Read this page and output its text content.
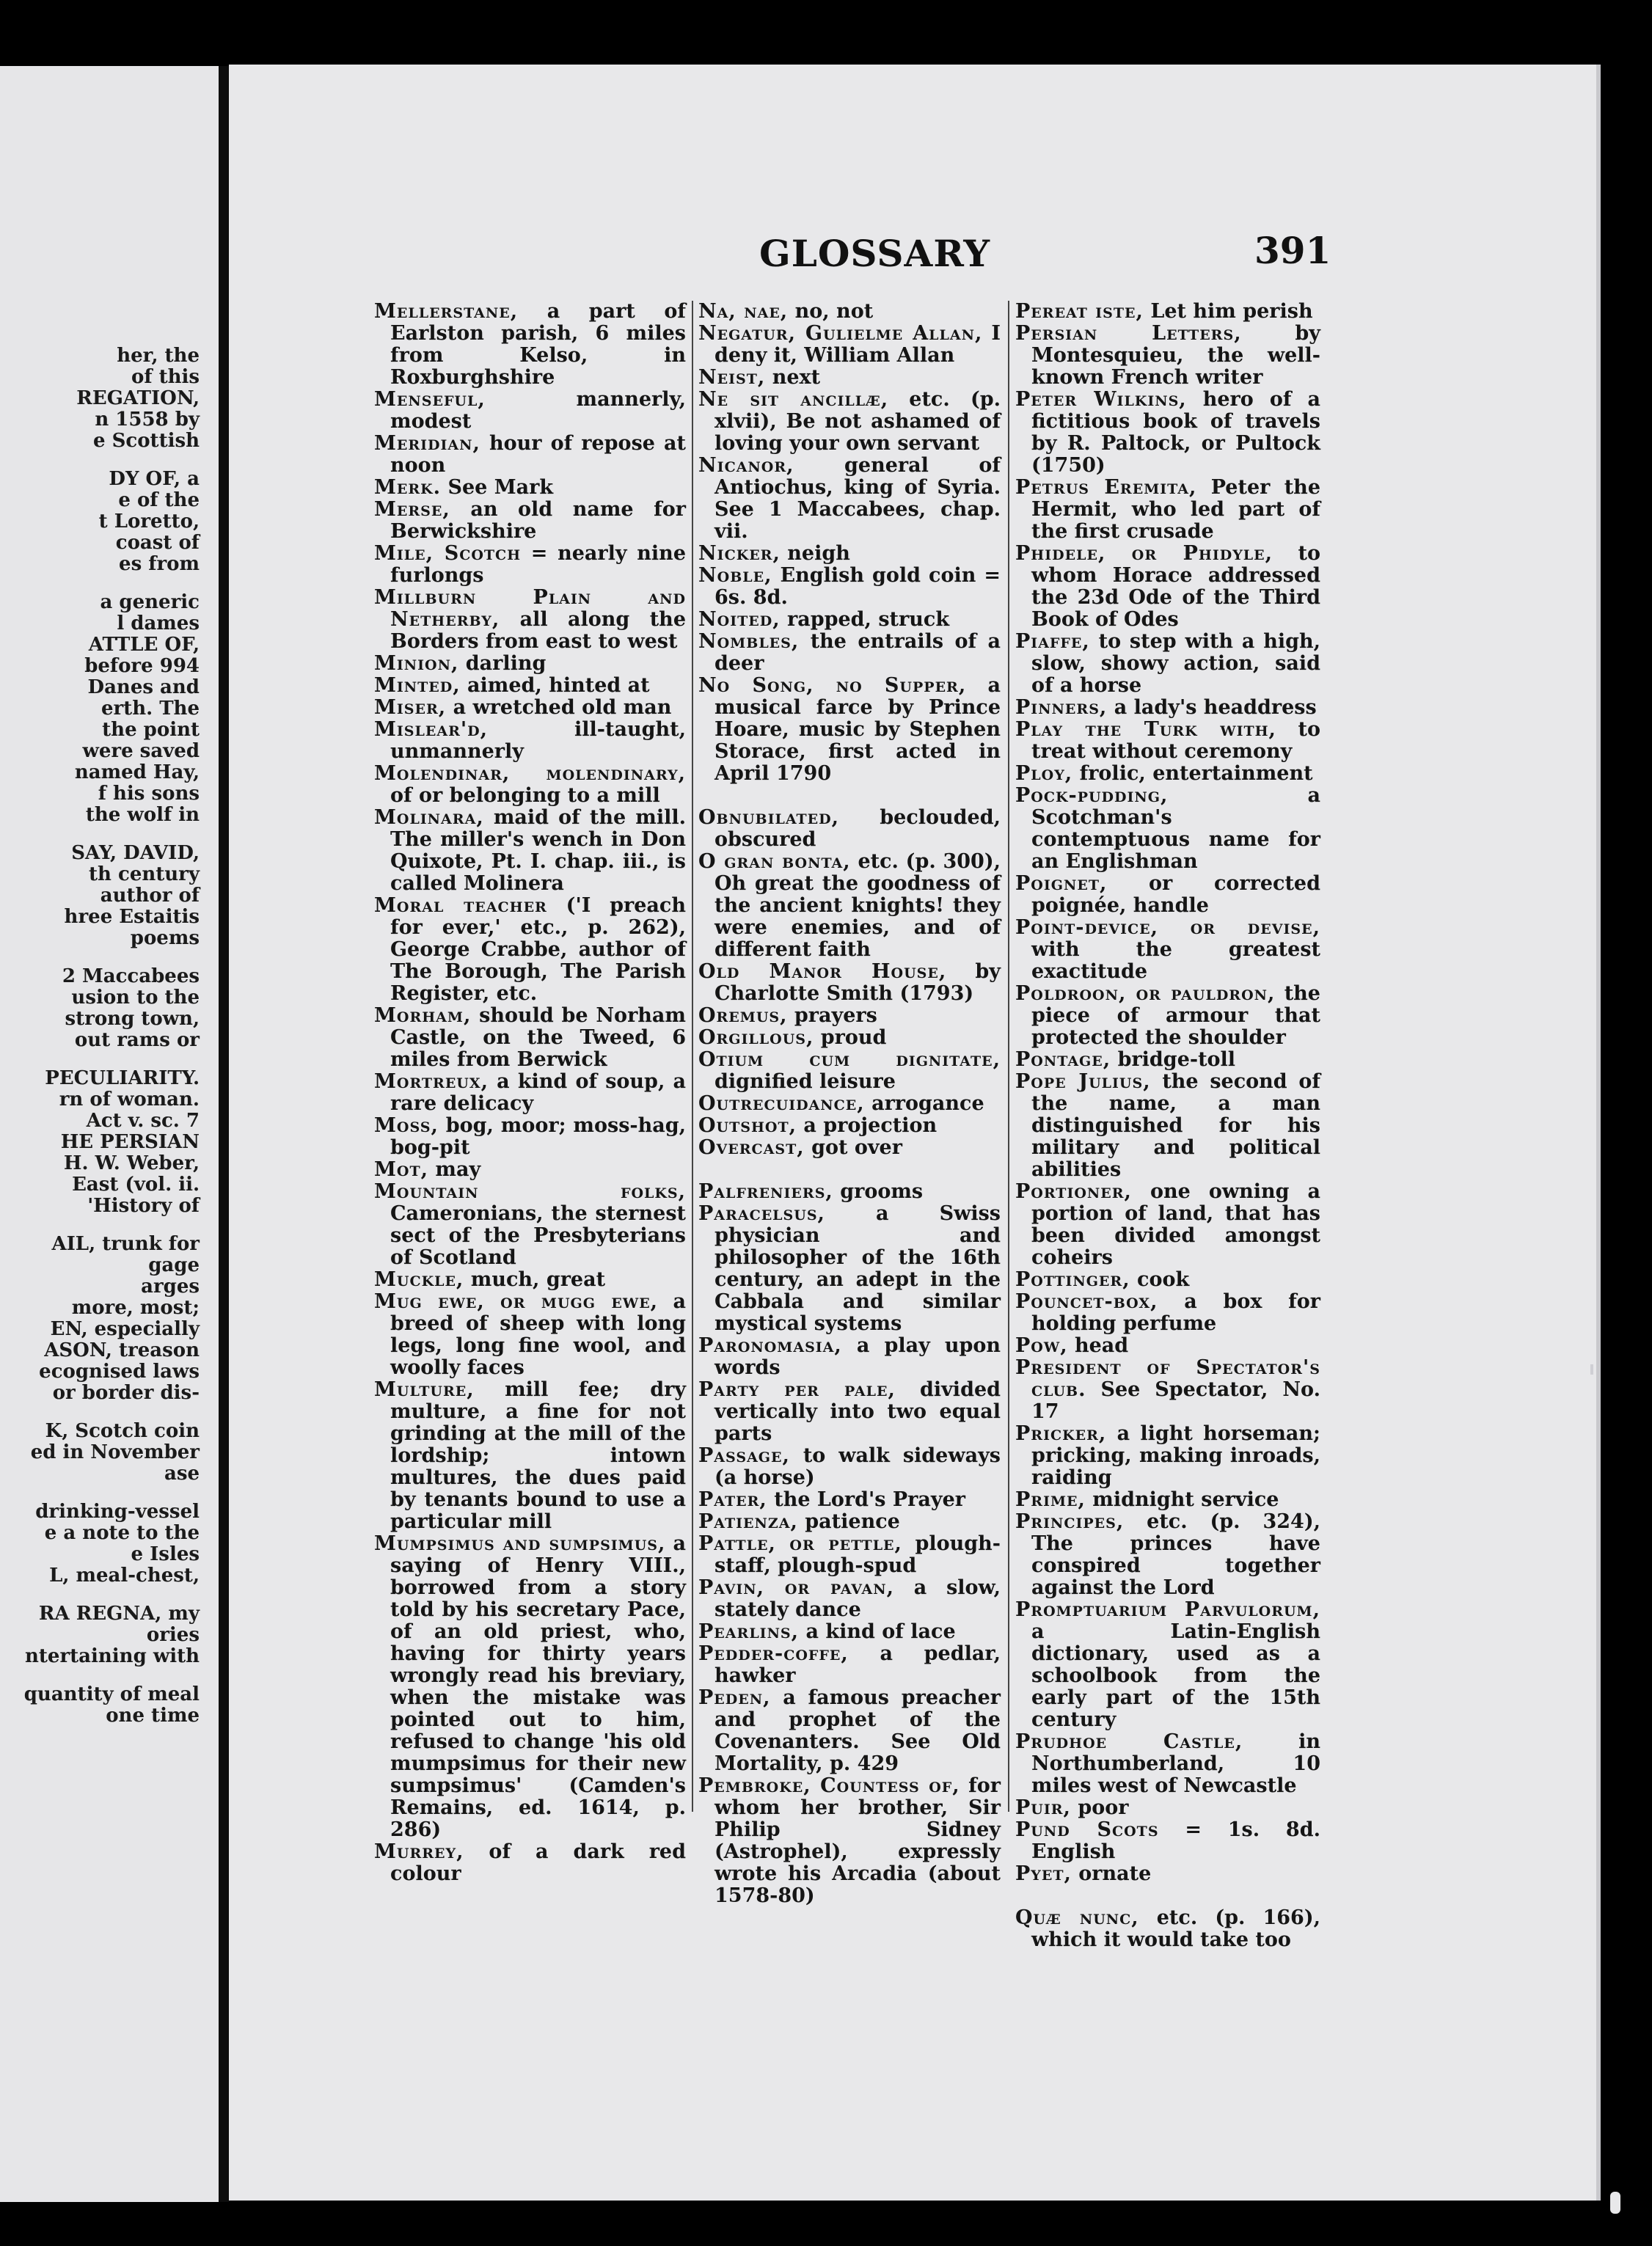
her, the
of this
REGATION,
n 1558 by
e Scottish
DY OF, a
e of the
t Loretto,
coast of
es from
a generic
l dames
ATTLE OF,
before 994
Danes and
erth. The
the point
were saved
named Hay,
f his sons
the wolf in
SAY, DAVID,
th century
author of
hree Estaitis
poems
2 Maccabees
usion to the
strong town,
out rams or
PECULIARITY.
rn of woman.
Act v. sc. 7
HE PERSIAN
H. W. Weber,
East (vol. ii.
'History of
AIL, trunk for
gage
arges
more, most;
EN, especially
ASON, treason
ecognised laws
or border dis-
K, Scotch coin
ed in November
ase
drinking-vessel
e a note to the
e Isles
L, meal-chest,
RA REGNA, my
ories
ntertaining with
quantity of meal
one time
GLOSSARY	391

Mellerstane, a part of Earlston parish, 6 miles from Kelso, in Roxburghshire

Menseful, mannerly, modest

Meridian, hour of repose at noon

Merk. See Mark

Merse, an old name for Berwickshire

Mile, Scotch = nearly nine furlongs

Millburn Plain and Netherby, all along the Borders from east to west

Minion, darling

Minted, aimed, hinted at

Miser, a wretched old man

Mislear'd, ill-taught, unmannerly

Molendinar, molendinary, of or belonging to a mill

Molinara, maid of the mill. The miller's wench in Don Quixote, Pt. I. chap. iii., is called Molinera

Moral teacher ('I preach for ever,' etc., p. 262), George Crabbe, author of The Borough, The Parish Register, etc.

Morham, should be Norham Castle, on the Tweed, 6 miles from Berwick

Mortreux, a kind of soup, a rare delicacy

Moss, bog, moor; moss-hag, bog-pit

Mot, may

Mountain folks, Cameronians, the sternest sect of the Presbyterians of Scotland

Muckle, much, great

Mug ewe, or mugg ewe, a breed of sheep with long legs, long fine wool, and woolly faces

Multure, mill fee; dry multure, a fine for not grinding at the mill of the lordship; intown multures, the dues paid by tenants bound to use a particular mill

Mumpsimus and sumpsimus, a saying of Henry VIII., borrowed from a story told by his secretary Pace, of an old priest, who, having for thirty years wrongly read his breviary, when the mistake was pointed out to him, refused to change 'his old mumpsimus for their new sumpsimus' (Camden's Remains, ed. 1614, p. 286)

Murrey, of a dark red colour

Na, nae, no, not

Negatur, Gulielme Allan, I deny it, William Allan

Neist, next

Ne sit ancillæ, etc. (p. xlvii), Be not ashamed of loving your own servant

Nicanor, general of Antiochus, king of Syria. See 1 Maccabees, chap. vii.

Nicker, neigh

Noble, English gold coin = 6s. 8d.

Noited, rapped, struck

Nombles, the entrails of a deer

No Song, no Supper, a musical farce by Prince Hoare, music by Stephen Storace, first acted in April 1790

Obnubilated, beclouded, obscured

O gran bonta, etc. (p. 300), Oh great the goodness of the ancient knights! they were enemies, and of different faith

Old Manor House, by Charlotte Smith (1793)

Oremus, prayers

Orgillous, proud

Otium cum dignitate, dignified leisure

Outrecuidance, arrogance

Outshot, a projection

Overcast, got over

Palfreniers, grooms

Paracelsus, a Swiss physician and philosopher of the 16th century, an adept in the Cabbala and similar mystical systems

Paronomasia, a play upon words

Party per pale, divided vertically into two equal parts

Passage, to walk sideways (a horse)

Pater, the Lord's Prayer

Patienza, patience

Pattle, or pettle, plough-staff, plough-spud

Pavin, or pavan, a slow, stately dance

Pearlins, a kind of lace

Pedder-coffe, a pedlar, hawker

Peden, a famous preacher and prophet of the Covenanters. See Old Mortality, p. 429

Pembroke, Countess of, for whom her brother, Sir Philip Sidney (Astrophel), expressly wrote his Arcadia (about 1578-80)

Pereat iste, Let him perish

Persian Letters, by Montesquieu, the well-known French writer

Peter Wilkins, hero of a fictitious book of travels by R. Paltock, or Pultock (1750)

Petrus Eremita, Peter the Hermit, who led part of the first crusade

Phidele, or Phidyle, to whom Horace addressed the 23d Ode of the Third Book of Odes

Piaffe, to step with a high, slow, showy action, said of a horse

Pinners, a lady's headdress

Play the Turk with, to treat without ceremony

Ploy, frolic, entertainment

Pock-pudding, a Scotchman's contemptuous name for an Englishman

Poignet, or corrected poignée, handle

Point-device, or devise, with the greatest exactitude

Poldroon, or pauldron, the piece of armour that protected the shoulder

Pontage, bridge-toll

Pope Julius, the second of the name, a man distinguished for his military and political abilities

Portioner, one owning a portion of land, that has been divided amongst coheirs

Pottinger, cook

Pouncet-box, a box for holding perfume

Pow, head

President of Spectator's club. See Spectator, No. 17

Pricker, a light horseman; pricking, making inroads, raiding

Prime, midnight service

Principes, etc. (p. 324), The princes have conspired together against the Lord

Promptuarium Parvulorum, a Latin-English dictionary, used as a schoolbook from the early part of the 15th century

Prudhoe Castle, in Northumberland, 10 miles west of Newcastle

Puir, poor

Pund Scots = 1s. 8d. English

Pyet, ornate

Quæ nunc, etc. (p. 166), which it would take too
